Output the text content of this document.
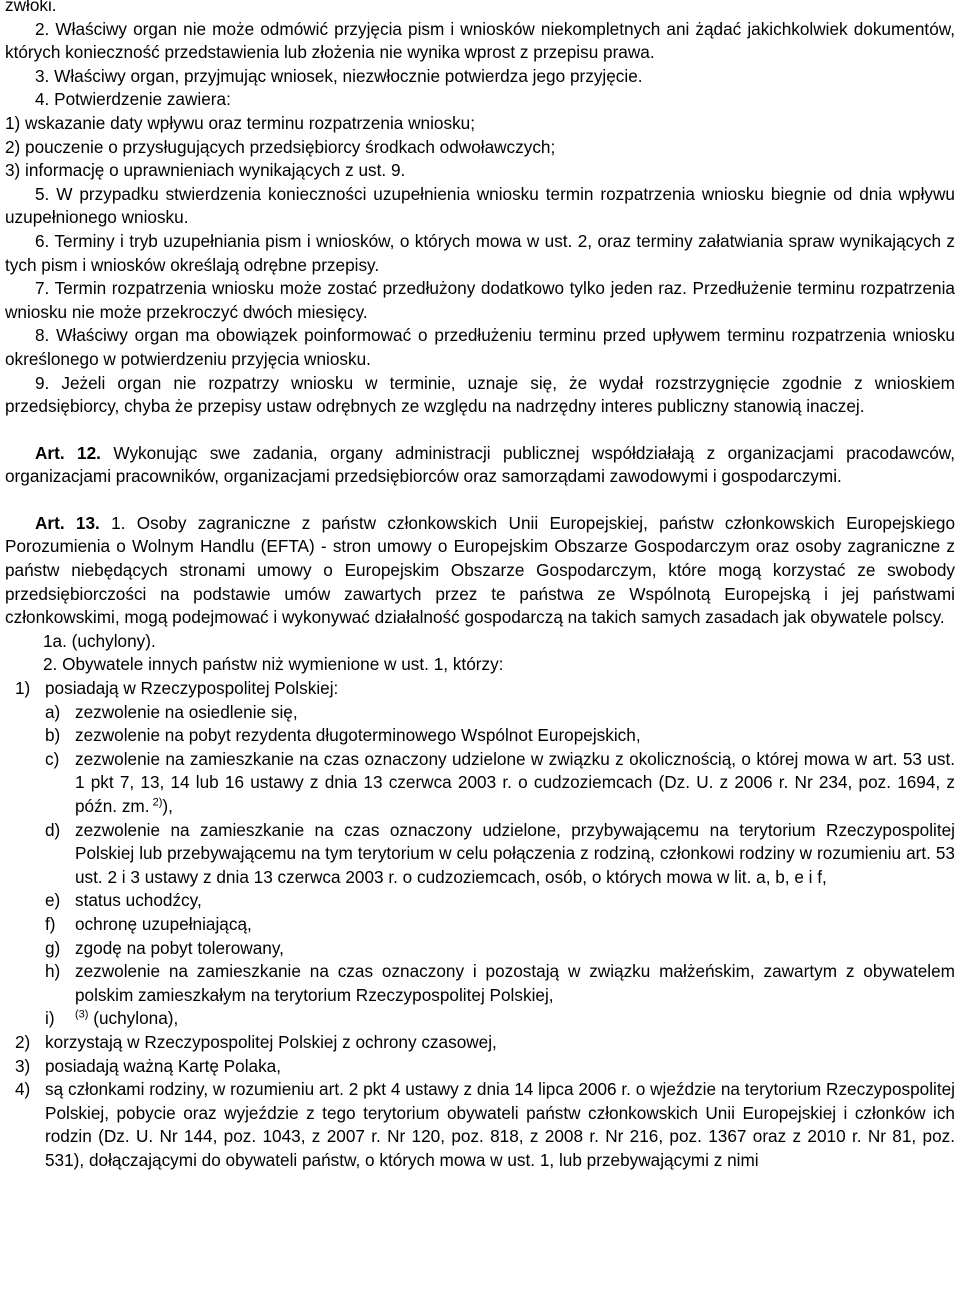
zwłoki.

2. Właściwy organ nie może odmówić przyjęcia pism i wniosków niekompletnych ani żądać jakichkolwiek dokumentów, których konieczność przedstawienia lub złożenia nie wynika wprost z przepisu prawa.

3. Właściwy organ, przyjmując wniosek, niezwłocznie potwierdza jego przyjęcie.

4. Potwierdzenie zawiera:

1) wskazanie daty wpływu oraz terminu rozpatrzenia wniosku;

2) pouczenie o przysługujących przedsiębiorcy środkach odwoławczych;

3) informację o uprawnieniach wynikających z ust. 9.

5. W przypadku stwierdzenia konieczności uzupełnienia wniosku termin rozpatrzenia wniosku biegnie od dnia wpływu uzupełnionego wniosku.

6. Terminy i tryb uzupełniania pism i wniosków, o których mowa w ust. 2, oraz terminy załatwiania spraw wynikających z tych pism i wniosków określają odrębne przepisy.

7. Termin rozpatrzenia wniosku może zostać przedłużony dodatkowo tylko jeden raz. Przedłużenie terminu rozpatrzenia wniosku nie może przekroczyć dwóch miesięcy.

8. Właściwy organ ma obowiązek poinformować o przedłużeniu terminu przed upływem terminu rozpatrzenia wniosku określonego w potwierdzeniu przyjęcia wniosku.

9. Jeżeli organ nie rozpatrzy wniosku w terminie, uznaje się, że wydał rozstrzygnięcie zgodnie z wnioskiem przedsiębiorcy, chyba że przepisy ustaw odrębnych ze względu na nadrzędny interes publiczny stanowią inaczej.

Art. 12. Wykonując swe zadania, organy administracji publicznej współdziałają z organizacjami pracodawców, organizacjami pracowników, organizacjami przedsiębiorców oraz samorządami zawodowymi i gospodarczymi.

Art. 13. 1. Osoby zagraniczne z państw członkowskich Unii Europejskiej, państw członkowskich Europejskiego Porozumienia o Wolnym Handlu (EFTA) - stron umowy o Europejskim Obszarze Gospodarczym oraz osoby zagraniczne z państw niebędących stronami umowy o Europejskim Obszarze Gospodarczym, które mogą korzystać ze swobody przedsiębiorczości na podstawie umów zawartych przez te państwa ze Wspólnotą Europejską i jej państwami członkowskimi, mogą podejmować i wykonywać działalność gospodarczą na takich samych zasadach jak obywatele polscy.

1a. (uchylony).

2. Obywatele innych państw niż wymienione w ust. 1, którzy:

1) posiadają w Rzeczypospolitej Polskiej:

a) zezwolenie na osiedlenie się,

b) zezwolenie na pobyt rezydenta długoterminowego Wspólnot Europejskich,

c) zezwolenie na zamieszkanie na czas oznaczony udzielone w związku z okolicznością, o której mowa w art. 53 ust. 1 pkt 7, 13, 14 lub 16 ustawy z dnia 13 czerwca 2003 r. o cudzoziemcach (Dz. U. z 2006 r. Nr 234, poz. 1694, z późn. zm. $^{2)}$),

d) zezwolenie na zamieszkanie na czas oznaczony udzielone, przybywającemu na terytorium Rzeczypospolitej Polskiej lub przebywającemu na tym terytorium w celu połączenia z rodziną, członkowi rodziny w rozumieniu art. 53 ust. 2 i 3 ustawy z dnia 13 czerwca 2003 r. o cudzoziemcach, osób, o których mowa w lit. a, b, e i f,

e) status uchodźcy,

f) ochronę uzupełniającą,

g) zgodę na pobyt tolerowany,

h) zezwolenie na zamieszkanie na czas oznaczony i pozostają w związku małżeńskim, zawartym z obywatelem polskim zamieszkałym na terytorium Rzeczypospolitej Polskiej,

i) $^{(3)}$ (uchylona),

2) korzystają w Rzeczypospolitej Polskiej z ochrony czasowej,

3) posiadają ważną Kartę Polaka,

4) są członkami rodziny, w rozumieniu art. 2 pkt 4 ustawy z dnia 14 lipca 2006 r. o wjeździe na terytorium Rzeczypospolitej Polskiej, pobycie oraz wyjeździe z tego terytorium obywateli państw członkowskich Unii Europejskiej i członków ich rodzin (Dz. U. Nr 144, poz. 1043, z 2007 r. Nr 120, poz. 818, z 2008 r. Nr 216, poz. 1367 oraz z 2010 r. Nr 81, poz. 531), dołączającymi do obywateli państw, o których mowa w ust. 1, lub przebywającymi z nimi
